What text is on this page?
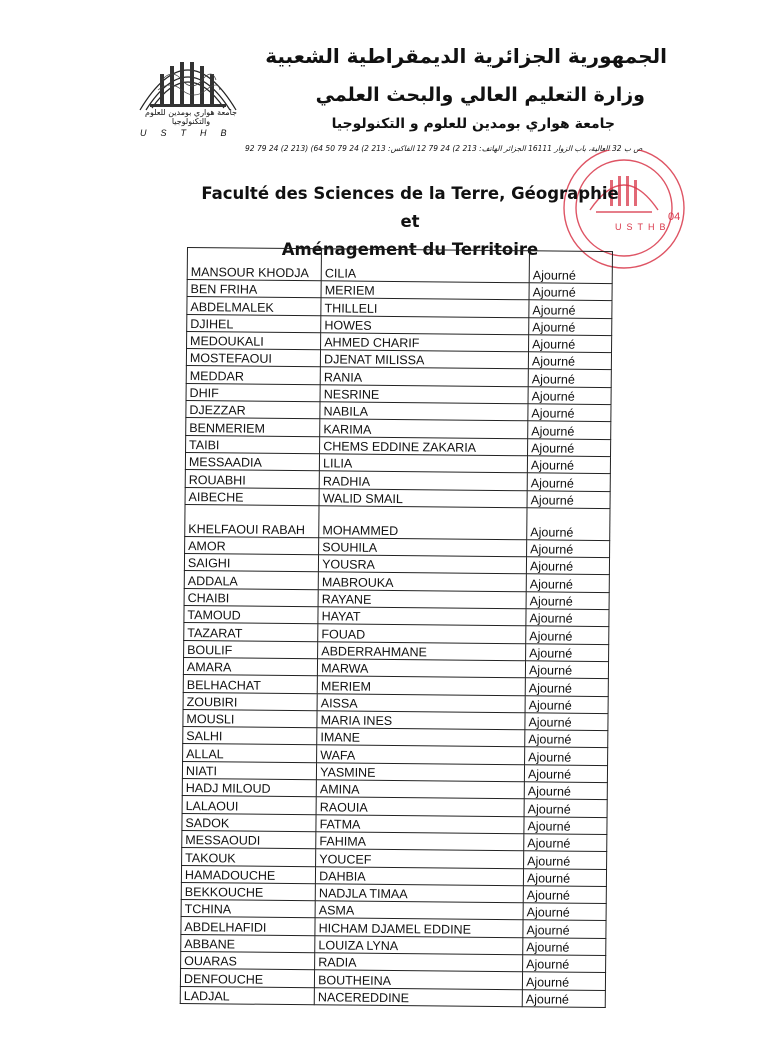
جامعة هواري بومدين للعلوم والتكنولوجيا
USTHB
الجمهورية الجزائرية الديمقراطية الشعبية
وزارة التعليم العالي والبحث العلمي
جامعة هواري بومدين للعلوم و التكنولوجيا
ص ب 32 العالية، باب الزوار 16111 الجزائر الهاتف: 213 2) 24 79 12 الفاكس: 213 2) 24 79 50 64) (213 2) 24 79 92
USTHB
04
Faculté des Sciences de la Terre, Géographie et
Aménagement du Territoire
MANSOUR KHODJA	CILIA	Ajourné

BEN FRIHA	MERIEM	Ajourné

ABDELMALEK	THILLELI	Ajourné

DJIHEL	HOWES	Ajourné

MEDOUKALI	AHMED CHARIF	Ajourné

MOSTEFAOUI	DJENAT MILISSA	Ajourné

MEDDAR	RANIA	Ajourné

DHIF	NESRINE	Ajourné

DJEZZAR	NABILA	Ajourné

BENMERIEM	KARIMA	Ajourné

TAIBI	CHEMS EDDINE ZAKARIA	Ajourné

MESSAADIA	LILIA	Ajourné

ROUABHI	RADHIA	Ajourné

AIBECHE	WALID SMAIL	Ajourné

KHELFAOUI RABAH	MOHAMMED	Ajourné

AMOR	SOUHILA	Ajourné

SAIGHI	YOUSRA	Ajourné

ADDALA	MABROUKA	Ajourné

CHAIBI	RAYANE	Ajourné

TAMOUD	HAYAT	Ajourné

TAZARAT	FOUAD	Ajourné

BOULIF	ABDERRAHMANE	Ajourné

AMARA	MARWA	Ajourné

BELHACHAT	MERIEM	Ajourné

ZOUBIRI	AISSA	Ajourné

MOUSLI	MARIA INES	Ajourné

SALHI	IMANE	Ajourné

ALLAL	WAFA	Ajourné

NIATI	YASMINE	Ajourné

HADJ MILOUD	AMINA	Ajourné

LALAOUI	RAOUIA	Ajourné

SADOK	FATMA	Ajourné

MESSAOUDI	FAHIMA	Ajourné

TAKOUK	YOUCEF	Ajourné

HAMADOUCHE	DAHBIA	Ajourné

BEKKOUCHE	NADJLA TIMAA	Ajourné

TCHINA	ASMA	Ajourné

ABDELHAFIDI	HICHAM DJAMEL EDDINE	Ajourné

ABBANE	LOUIZA LYNA	Ajourné

OUARAS	RADIA	Ajourné

DENFOUCHE	BOUTHEINA	Ajourné

LADJAL	NACEREDDINE	Ajourné
